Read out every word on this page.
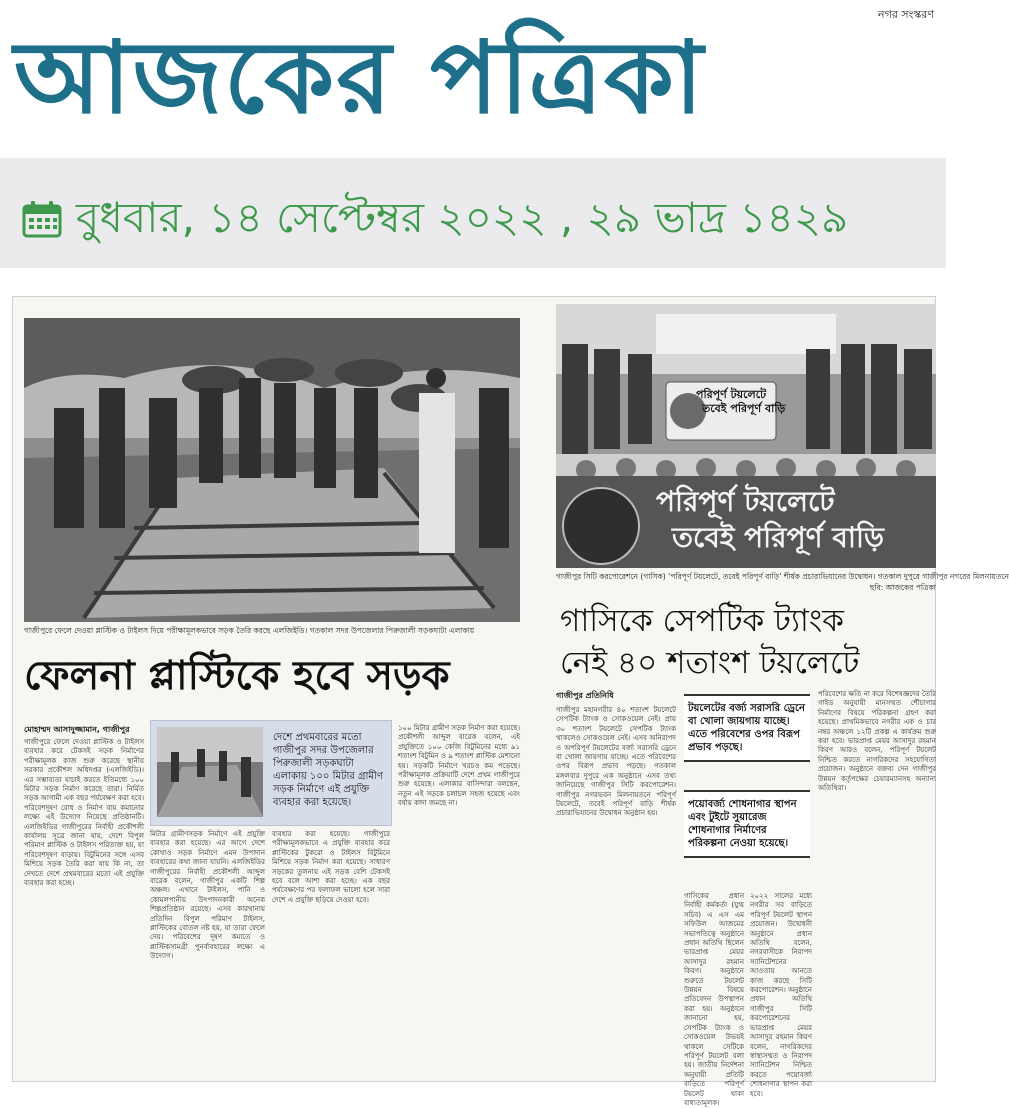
নগর সংস্করণ
আজকের পত্রিকা
বুধবার, ১৪ সেপ্টেম্বর ২০২২ , ২৯ ভাদ্র ১৪২৯
গাজীপুরে ফেলে দেওয়া প্লাস্টিক ও টাইলস দিয়ে পরীক্ষামূলকভাবে সড়ক তৈরি করছে এলজিইডি। গতকাল সদর উপজেলার পিরুজালী সড়কঘাটা এলাকায়
ফেলনা প্লাস্টিকে হবে সড়ক
মোহাম্মদ আসাদুজ্জামান, গাজীপুর

গাজীপুরে ফেলে দেওয়া প্লাস্টিক ও টাইলস ব্যবহার করে টেকসই সড়ক নির্মাণের পরীক্ষামূলক কাজ শুরু করেছে স্থানীয় সরকার প্রকৌশল অধিদপ্তর (এলজিইডি)। এর সম্ভাব্যতা যাচাই করতে ইতিমধ্যে ১০০ মিটার সড়ক নির্মাণ করেছে তারা। নির্মিত সড়ক আগামী এক বছর পর্যবেক্ষণ করা হবে। পরিবেশদূষণ রোধ ও নির্মাণ ব্যয় কমানোর লক্ষ্যে এই উদ্যোগ নিয়েছে প্রতিষ্ঠানটি। এলজিইডির গাজীপুরের নির্বাহী প্রকৌশলী কার্যালয় সূত্রে জানা যায়, দেশে বিপুল পরিমাণ প্লাস্টিক ও টাইলস পরিত্যক্ত হয়, যা পরিবেশদূষণ বাড়ায়। বিটুমিনের সঙ্গে এসব মিশিয়ে সড়ক তৈরি করা যায় কি না, তা দেখতে দেশে প্রথমবারের মতো এই প্রযুক্তি ব্যবহার করা হচ্ছে।

দেশে প্রথমবারের মতো গাজীপুর সদর উপজেলার পিরুজালী সড়কঘাটা এলাকায় ১০০ মিটার গ্রামীণ সড়ক নির্মাণে এই প্রযুক্তি ব্যবহার করা হয়েছে।

মিটার গ্রামীণসড়ক নির্মাণে এই প্রযুক্তি ব্যবহার করা হয়েছে। এর আগে দেশে কোথাও সড়ক নির্মাণে এমন উপাদান ব্যবহারের কথা জানা যায়নি। এলজিইডির গাজীপুরের নির্বাহী প্রকৌশলী আব্দুল বারেক বলেন, গাজীপুর একটি শিল্প অঞ্চল। এখানে টাইলস, পানি ও কোমলপানীয় উৎপাদনকারী অনেক শিল্পপ্রতিষ্ঠান রয়েছে। এসব কারখানায় প্রতিদিন বিপুল পরিমাণ টাইলস, প্লাস্টিকের বোতল নষ্ট হয়, যা তারা ফেলে দেয়। পরিবেশের দূষণ কমাতে ও প্লাস্টিকসামগ্রী পুনর্ব্যবহারের লক্ষ্যে এ উদ্যোগ।

ব্যবহার করা হয়েছে। গাজীপুরে পরীক্ষামূলকভাবে এ প্রযুক্তি ব্যবহার করে প্লাস্টিকের টুকরো ও টাইলস বিটুমিনে মিশিয়ে সড়ক নির্মাণ করা হয়েছে। সাধারণ সড়কের তুলনায় এই সড়ক বেশি টেকসই হবে বলে আশা করা হচ্ছে। এক বছর পর্যবেক্ষণের পর ফলাফল ভালো হলে সারা দেশে এ প্রযুক্তি ছড়িয়ে দেওয়া হবে।

১০০ মিটার গ্রামীণ সড়ক নির্মাণ করা হয়েছে। প্রকৌশলী আব্দুল বারেক বলেন, এই প্রযুক্তিতে ১০০ কেজি বিটুমিনের মধ্যে ৯১ শতাংশ বিটুমিন ও ৯ শতাংশ প্লাস্টিক মেশানো হয়। সড়কটি নির্মাণে খরচও কম পড়েছে। পরীক্ষামূলক প্রক্রিয়াটি দেশে প্রথম গাজীপুরে শুরু হয়েছে। এলাকার বাসিন্দারা বলছেন, নতুন এই সড়কে চলাচল সহজ হয়েছে এবং বর্ষায় কাদা জমছে না।

পরিপূর্ণ টয়লেটে
তবেই পরিপূর্ণ বাড়ি
পরিপূর্ণ টয়লেটে
তবেই পরিপূর্ণ বাড়ি
গাজীপুর সিটি করপোরেশনে (গাসিক) ‘পরিপূর্ণ টয়লেটে, তবেই পরিপূর্ণ বাড়ি’ শীর্ষক প্রচারাভিযানের উদ্বোধন। গতকাল দুপুরে গাজীপুর নগরের মিলনায়তনে
ছবি: আজকের পত্রিকা
গাসিকে সেপটিক ট্যাংক
নেই ৪০ শতাংশ টয়লেটে
গাজীপুর প্রতিনিধি

গাজীপুর মহানগরীর ৪০ শতাংশ টয়লেটে সেপটিক ট্যাংক ও সোকওয়েল নেই। প্রায় ৩০ শতাংশ টয়লেটে সেপটিক ট্যাংক থাকলেও সোকওয়েল নেই। এসব অনিরাপদ ও অপরিপূর্ণ টয়লেটের বর্জ্য সরাসরি ড্রেনে বা খোলা জায়গায় যাচ্ছে। এতে পরিবেশের ওপর বিরূপ প্রভাব পড়ছে। গতকাল মঙ্গলবার দুপুরে এক অনুষ্ঠানে এসব তথ্য জানিয়েছে গাজীপুর সিটি করপোরেশন। গাজীপুর নগরভবন মিলনায়তনে পরিপূর্ণ টয়লেটে, তবেই পরিপূর্ণ বাড়ি শীর্ষক প্রচারাভিযানের উদ্বোধন অনুষ্ঠান হয়।

টয়লেটের বর্জ্য সরাসরি ড্রেনে বা খোলা জায়গায় যাচ্ছে। এতে পরিবেশের ওপর বিরূপ প্রভাব পড়ছে।
পয়োবর্জ্য শোধনাগার স্থাপন এবং টুইটে সুয়ারেজ শোধনাগার নির্মাণের পরিকল্পনা নেওয়া হয়েছে।

গাসিকের প্রধান নির্বাহী কর্মকর্তা (যুগ্ম সচিব) এ এস এম সফিউল আজমের সভাপতিত্বে অনুষ্ঠানে প্রধান অতিথি ছিলেন ভারপ্রাপ্ত মেয়র আসাদুর রহমান কিরণ। অনুষ্ঠানে শুরুতে টয়লেট উন্নয়ন বিষয়ে প্রতিবেদন উপস্থাপন করা হয়। অনুষ্ঠানে জানানো হয়, সেপটিক ট্যাংক ও সোকওয়েল উভয়ই থাকলে সেটিকে পরিপূর্ণ টয়লেট বলা হয়। জাতীয় নির্দেশনা অনুযায়ী প্রতিটি বাড়িতে পরিপূর্ণ টয়লেট থাকা বাধ্যতামূলক।

২০২২ সালের মধ্যে নগরীর সব বাড়িতে পরিপূর্ণ টয়লেট স্থাপন প্রয়োজন। উদ্বোধনী অনুষ্ঠানে প্রধান অতিথি বলেন, নগরবাসীকে নিরাপদ স্যানিটেশনের আওতায় আনতে কাজ করছে সিটি করপোরেশন। অনুষ্ঠানে প্রধান অতিথি গাজীপুর সিটি করপোরেশনের ভারপ্রাপ্ত মেয়র আসাদুর রহমান কিরণ বলেন, নাগরিকদের স্বাস্থ্যসম্মত ও নিরাপদ স্যানিটেশন নিশ্চিত করতে পয়োবর্জ্য শোধনাগার স্থাপন করা হবে।

পরিবেশের ক্ষতি না করে বিশেষজ্ঞদের তৈরি গাইড অনুযায়ী মানসম্মত শৌচাগার নির্মাণের বিষয়ে পরিকল্পনা গ্রহণ করা হয়েছে। প্রাথমিকভাবে নগরীর এক ও চার নম্বর অঞ্চলে ১২টি প্রকল্প এ কার্যক্রম শুরু করা হবে। ভারপ্রাপ্ত মেয়র আসাদুর রহমান কিরণ আরও বলেন, পরিপূর্ণ টয়লেট নিশ্চিত করতে নাগরিকদের সহযোগিতা প্রয়োজন। অনুষ্ঠানে বক্তব্য দেন গাজীপুর উন্নয়ন কর্তৃপক্ষের চেয়ারম্যানসহ অন্যান্য অতিথিরা।
